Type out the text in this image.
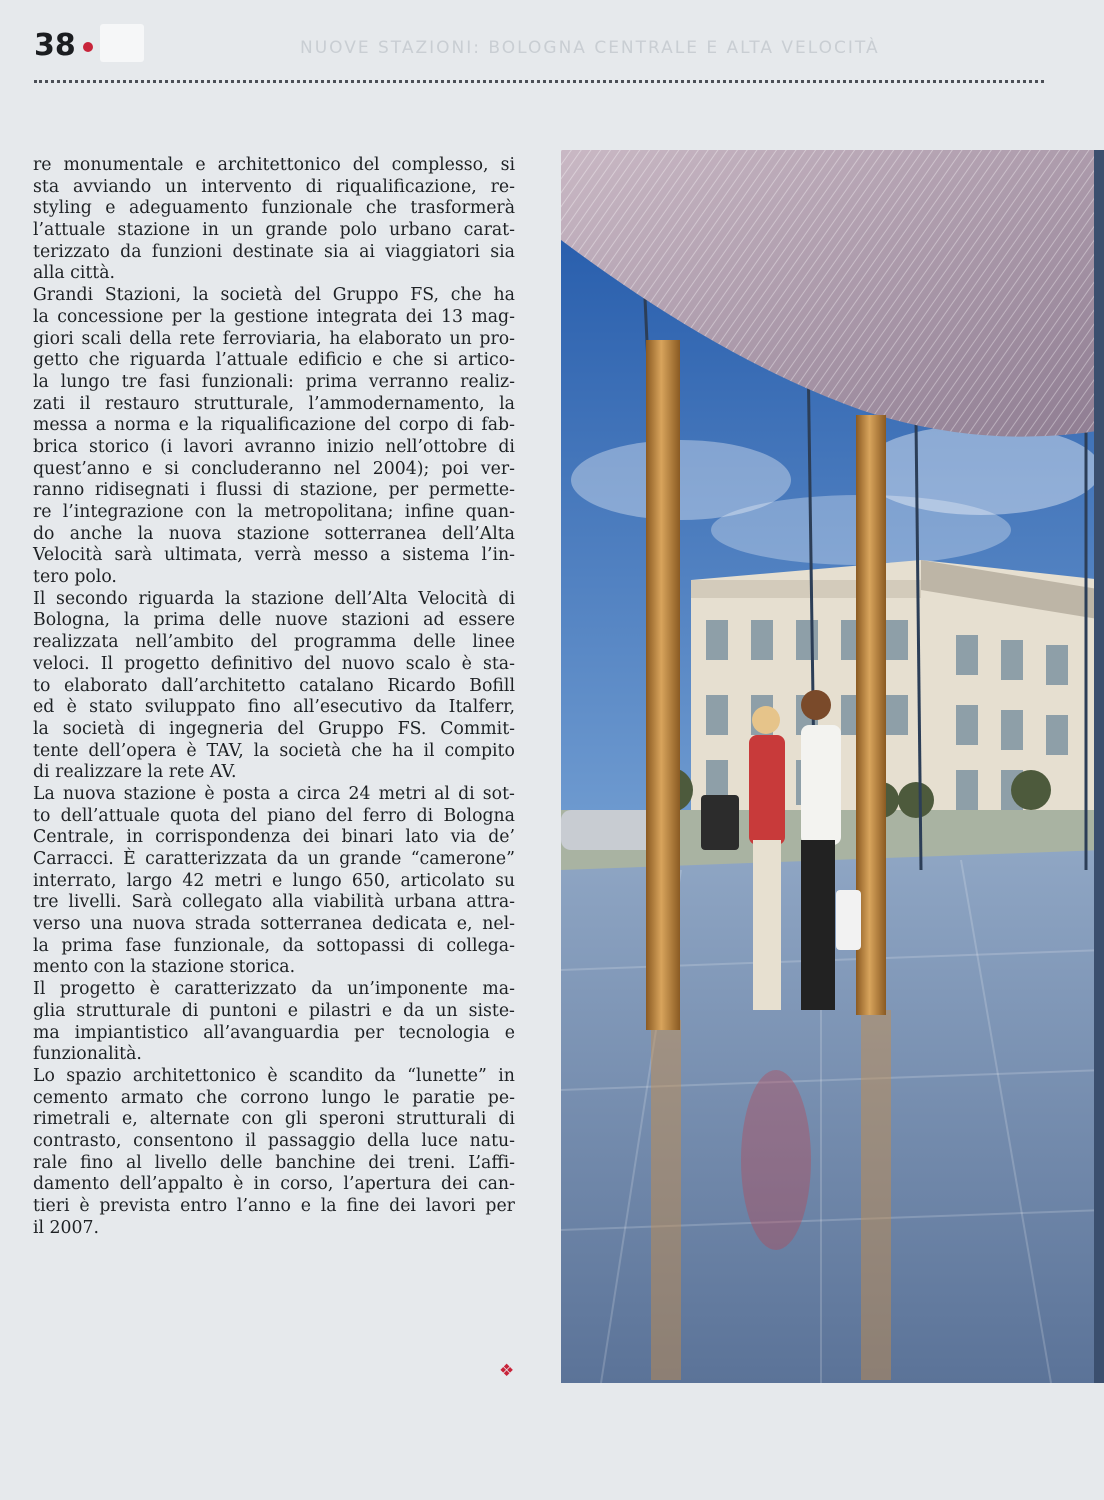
38	NUOVE STAZIONI: BOLOGNA CENTRALE E ALTA VELOCITÀ
re monumentale e architettonico del complesso, si
sta avviando un intervento di riqualificazione, re-
styling e adeguamento funzionale che trasformerà
l’attuale stazione in un grande polo urbano carat-
terizzato da funzioni destinate sia ai viaggiatori sia
alla città.
Grandi Stazioni, la società del Gruppo FS, che ha
la concessione per la gestione integrata dei 13 mag-
giori scali della rete ferroviaria, ha elaborato un pro-
getto che riguarda l’attuale edificio e che si artico-
la lungo tre fasi funzionali: prima verranno realiz-
zati il restauro strutturale, l’ammodernamento, la
messa a norma e la riqualificazione del corpo di fab-
brica storico (i lavori avranno inizio nell’ottobre di
quest’anno e si concluderanno nel 2004); poi ver-
ranno ridisegnati i flussi di stazione, per permette-
re l’integrazione con la metropolitana; infine quan-
do anche la nuova stazione sotterranea dell’Alta
Velocità sarà ultimata, verrà messo a sistema l’in-
tero polo.
Il secondo riguarda la stazione dell’Alta Velocità di
Bologna, la prima delle nuove stazioni ad essere
realizzata nell’ambito del programma delle linee
veloci. Il progetto definitivo del nuovo scalo è sta-
to elaborato dall’architetto catalano Ricardo Bofill
ed è stato sviluppato fino all’esecutivo da Italferr,
la società di ingegneria del Gruppo FS. Commit-
tente dell’opera è TAV, la società che ha il compito
di realizzare la rete AV.
La nuova stazione è posta a circa 24 metri al di sot-
to dell’attuale quota del piano del ferro di Bologna
Centrale, in corrispondenza dei binari lato via de’
Carracci. È caratterizzata da un grande “camerone”
interrato, largo 42 metri e lungo 650, articolato su
tre livelli. Sarà collegato alla viabilità urbana attra-
verso una nuova strada sotterranea dedicata e, nel-
la prima fase funzionale, da sottopassi di collega-
mento con la stazione storica.
Il progetto è caratterizzato da un’imponente ma-
glia strutturale di puntoni e pilastri e da un siste-
ma impiantistico all’avanguardia per tecnologia e
funzionalità.
Lo spazio architettonico è scandito da “lunette” in
cemento armato che corrono lungo le paratie pe-
rimetrali e, alternate con gli speroni strutturali di
contrasto, consentono il passaggio della luce natu-
rale fino al livello delle banchine dei treni. L’affi-
damento dell’appalto è in corso, l’apertura dei can-
tieri è prevista entro l’anno e la fine dei lavori per
il 2007.
❖
